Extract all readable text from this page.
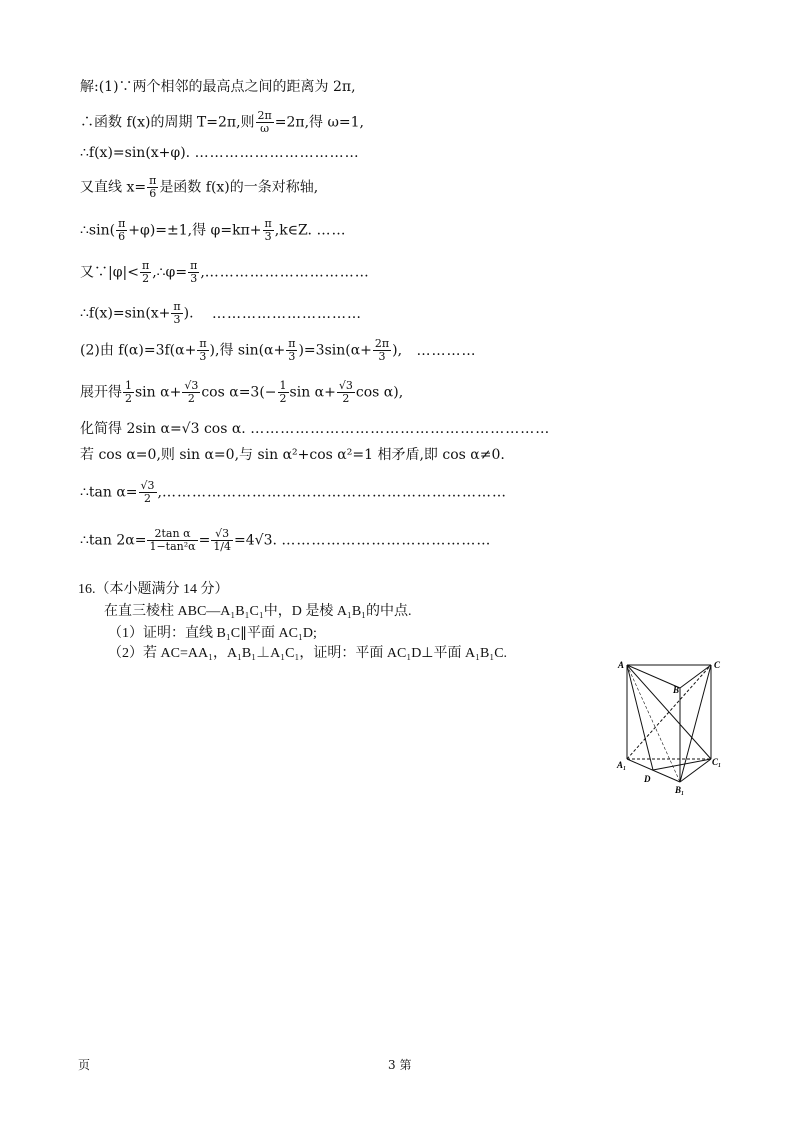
解:(1)∵两个相邻的最高点之间的距离为 2π,
∴函数 f(x)的周期 T=2π,则 $\frac{2\pi}{\omega} =2\pi$,得 ω=1,
∴f(x)=sin(x+φ). ……………………………
又直线 $x= \frac{\pi}{6}$ 是函数 f(x)的一条对称轴,
∴sin( $\frac{\pi}{6} +\varphi)=\pm 1$,得 $\varphi=k\pi+ \frac{\pi}{3}$ ,k∈Z. ……
又∵|φ|< $\frac{\pi}{2}$ ,∴φ= $\frac{\pi}{3}$ ,……………………………
∴f(x)=sin(x+ $\frac{\pi}{3}$ ). …………………………
(2)由 $f(\alpha)=3f(\alpha+ \frac{\pi}{3}$ ),得 $\sin(\alpha+ \frac{\pi}{3} )=3\sin(\alpha+ \frac{2\pi}{3}$ ), …………
展开得 $\frac{1}{2}$ $\sin \alpha+ \frac{√3}{2}$ $\cos \alpha=3(- \frac{1}{2}$ $\sin \alpha+ \frac{√3}{2}$ cos α),
化简得 2sin α=√3 cos α. ……………………………………………………
若 cos α=0,则 sin α=0,与 sin α²+cos α²=1 相矛盾,即 cos α≠0.
∴tan $\alpha= \frac{√3}{2}$ ,……………………………………………………………
∴tan $2\alpha= \frac{\text{2tan α}}{\text{1−tan²α}} = \frac{√3}{1/4} =4√3$. ……………………………………
16.（本小题满分 14 分）
在直三棱柱 ABC—A₁B₁C₁中，D 是棱 A₁B₁的中点.
（1）证明：直线 B₁C∥平面 AC₁D;
（2）若 AC=AA₁，A₁B₁⊥A₁C₁，证明：平面 AC₁D⊥平面 A₁B₁C.
A	C
B
A₁	C₁
D
B₁
页	3 第
